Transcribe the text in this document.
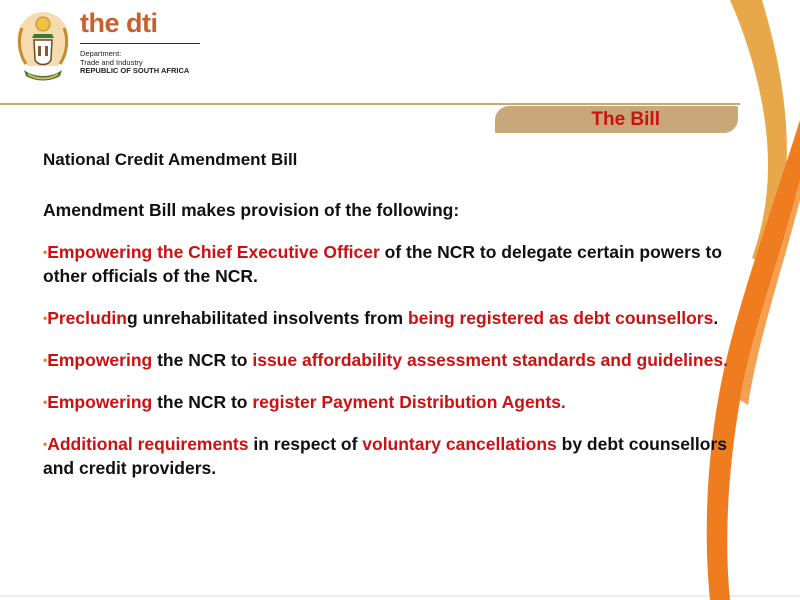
the dti
Department:
Trade and Industry
REPUBLIC OF SOUTH AFRICA
The Bill
National Credit Amendment Bill
Amendment Bill makes provision of the following:
•Empowering the Chief Executive Officer of the NCR to delegate certain powers to other officials of the NCR.
•Precluding unrehabilitated insolvents from being registered as debt counsellors.
•Empowering the NCR to issue affordability assessment standards and guidelines.
•Empowering the NCR to register Payment Distribution Agents.
•Additional requirements in respect of voluntary cancellations by debt counsellors and credit providers.
